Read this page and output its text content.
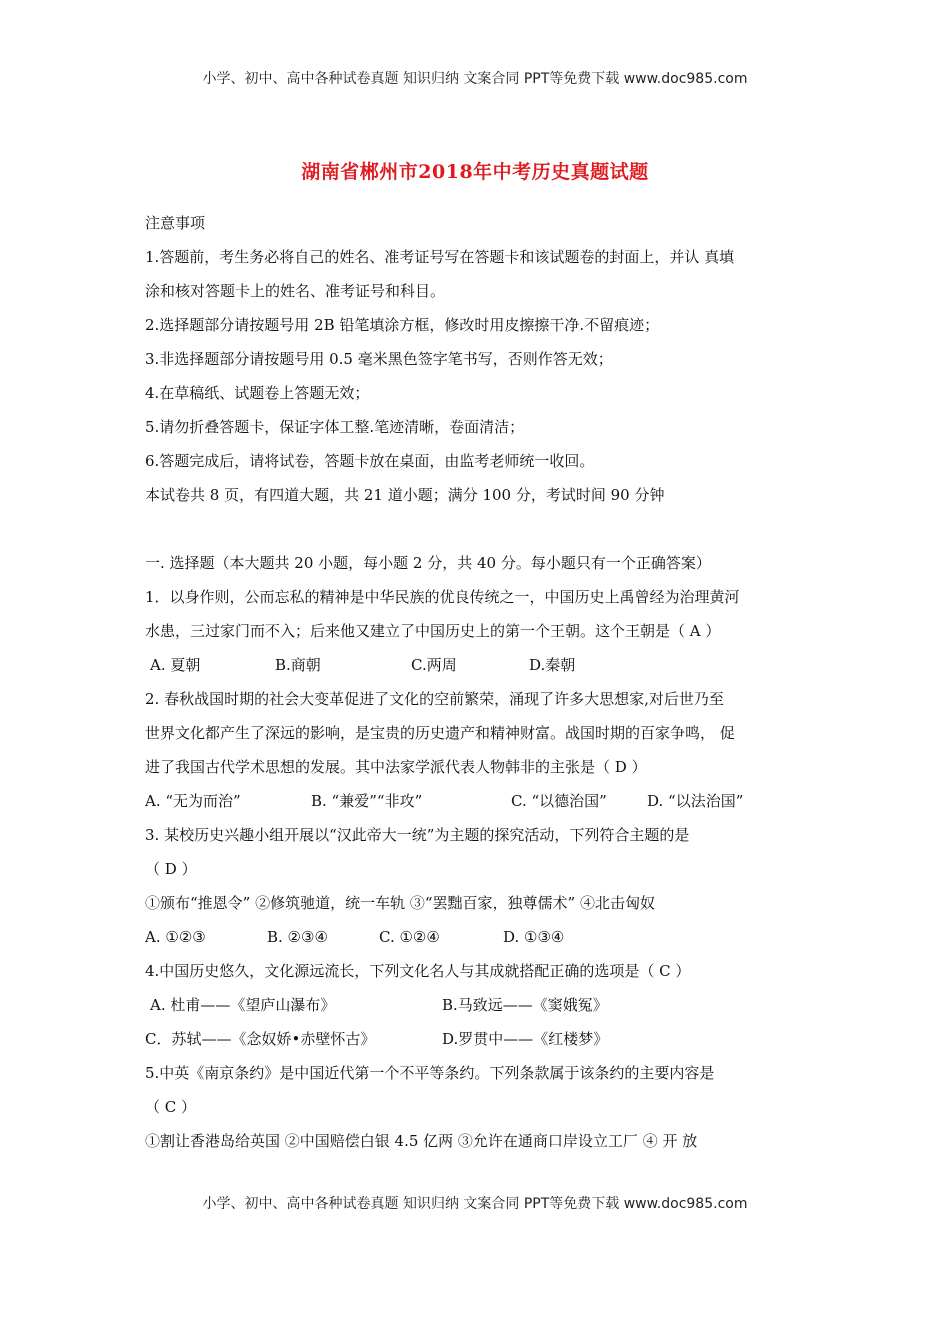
小学、初中、高中各种试卷真题 知识归纳 文案合同 PPT等免费下载 www.doc985.com
湖南省郴州市2018年中考历史真题试题
注意事项
1.答题前，考生务必将自己的姓名、准考证号写在答题卡和该试题卷的封面上，并认 真填
涂和核对答题卡上的姓名、准考证号和科目。
2.选择题部分请按题号用 2B 铅笔填涂方框，修改时用皮擦擦干净.不留痕迹；
3.非选择题部分请按题号用 0.5 毫米黑色签字笔书写，否则作答无效；
4.在草稿纸、试题卷上答题无效；
5.请勿折叠答题卡，保证字体工整.笔迹清晰，卷面清洁；
6.答题完成后，请将试卷，答题卡放在桌面，由监考老师统一收回。
本试卷共 8 页，有四道大题，共 21 道小题；满分 100 分，考试时间 90 分钟
一. 选择题（本大题共 20 小题，每小题 2 分，共 40 分。每小题只有一个正确答案）
1．以身作则，公而忘私的精神是中华民族的优良传统之一，中国历史上禹曾经为治理黄河
水患，三过家门而不入；后来他又建立了中国历史上的第一个王朝。这个王朝是（ A ）
A. 夏朝	B.商朝	C.两周	D.秦朝
2. 春秋战国时期的社会大变革促进了文化的空前繁荣，涌现了许多大思想家,对后世乃至
世界文化都产生了深远的影响，是宝贵的历史遗产和精神财富。战国时期的百家争鸣， 促
进了我国古代学术思想的发展。其中法家学派代表人物韩非的主张是（ D ）
A. “无为而治”	B. “兼爱”“非攻”	C. “以德治国”	D. “以法治国”
3. 某校历史兴趣小组开展以“汉此帝大一统”为主题的探究活动，下列符合主题的是
（ D ）
①颁布“推恩令” ②修筑驰道，统一车轨 ③“罢黜百家，独尊儒术” ④北击匈奴
A. ①②③	B. ②③④	C. ①②④	D. ①③④
4.中国历史悠久，文化源远流长，下列文化名人与其成就搭配正确的选项是（ C ）
A. 杜甫——《望庐山瀑布》	B.马致远——《窦娥冤》
C．苏轼——《念奴娇•赤壁怀古》	D.罗贯中——《红楼梦》
5.中英《南京条约》是中国近代第一个不平等条约。下列条款属于该条约的主要内容是
（ C ）
①割让香港岛给英国 ②中国赔偿白银 4.5 亿两 ③允许在通商口岸设立工厂 ④ 开 放
小学、初中、高中各种试卷真题 知识归纳 文案合同 PPT等免费下载 www.doc985.com
